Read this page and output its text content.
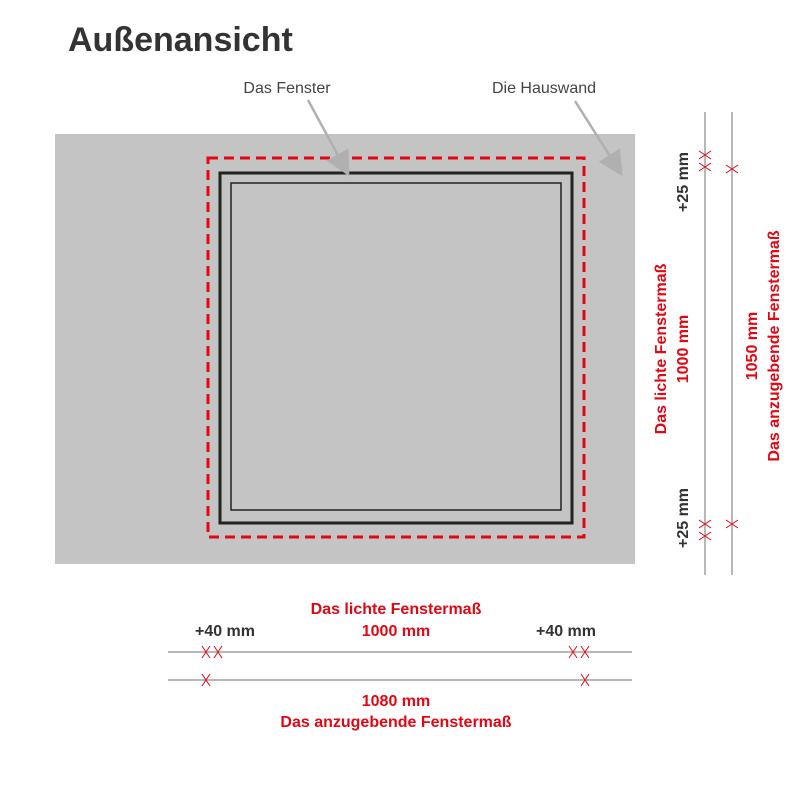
Außenansicht
Das Fenster	Die Hauswand
Das lichte Fenstermaß
1000 mm
+40 mm	+40 mm
1080 mm
Das anzugebende Fenstermaß
+25 mm
+25 mm
Das lichte Fenstermaß 1000 mm	1050 mm Das anzugebende Fenstermaß
